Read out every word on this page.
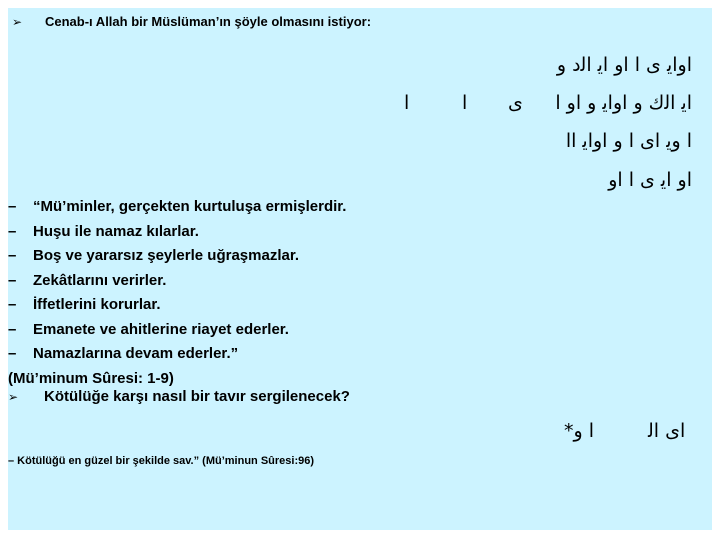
➢ Cenab-ı Allah bir Müslüman’ın şöyle olmasını istiyor:
اوﺍﻳ ی ا او ﺍﻳ ﺍﻟﺩ ﻭ
ﺍﻳ ﺍﻟﻙ ﻭ اوﺍﻳ ﻭ او ﺍ
ی
ا
ا
ا ﻭﻳ ﺍی ا ﻭ اوﺍﻳ ﺍﺍ
او ﺍﻳ ی ا او
– “Mü’minler, gerçekten kurtuluşa ermişlerdir.
– Huşu ile namaz kılarlar.
– Boş ve yararsız şeylerle uğraşmazlar.
– Zekâtlarını verirler.
– İffetlerini korurlar.
– Emanete ve ahitlerine riayet ederler.
– Namazlarına devam ederler.”
(Mü’minum Sûresi: 1-9)
➢ Kötülüğe karşı nasıl bir tavır sergilenecek?
ﺍی ﺍﻟ
*ا ﻭ
– Kötülüğü en güzel bir şekilde sav.” (Mü’minun Sûresi:96)
